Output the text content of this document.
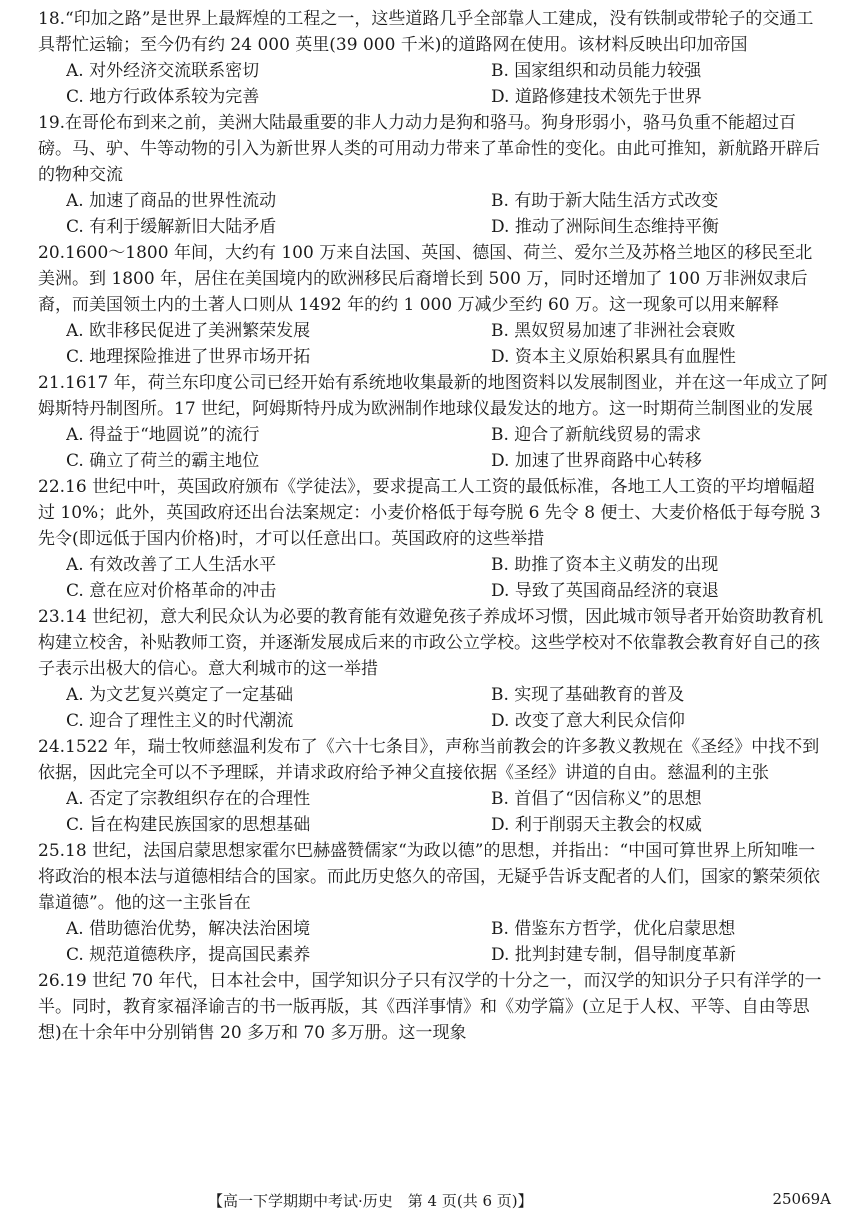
18.“印加之路”是世界上最辉煌的工程之一，这些道路几乎全部靠人工建成，没有铁制或带轮子的交通工具帮忙运输；至今仍有约 24 000 英里(39 000 千米)的道路网在使用。该材料反映出印加帝国

A. 对外经济交流联系密切	B. 国家组织和动员能力较强
C. 地方行政体系较为完善	D. 道路修建技术领先于世界

19.在哥伦布到来之前，美洲大陆最重要的非人力动力是狗和骆马。狗身形弱小，骆马负重不能超过百磅。马、驴、牛等动物的引入为新世界人类的可用动力带来了革命性的变化。由此可推知，新航路开辟后的物种交流

A. 加速了商品的世界性流动	B. 有助于新大陆生活方式改变
C. 有利于缓解新旧大陆矛盾	D. 推动了洲际间生态维持平衡

20.1600～1800 年间，大约有 100 万来自法国、英国、德国、荷兰、爱尔兰及苏格兰地区的移民至北美洲。到 1800 年，居住在美国境内的欧洲移民后裔增长到 500 万，同时还增加了 100 万非洲奴隶后裔，而美国领土内的土著人口则从 1492 年的约 1 000 万减少至约 60 万。这一现象可以用来解释

A. 欧非移民促进了美洲繁荣发展	B. 黑奴贸易加速了非洲社会衰败
C. 地理探险推进了世界市场开拓	D. 资本主义原始积累具有血腥性

21.1617 年，荷兰东印度公司已经开始有系统地收集最新的地图资料以发展制图业，并在这一年成立了阿姆斯特丹制图所。17 世纪，阿姆斯特丹成为欧洲制作地球仪最发达的地方。这一时期荷兰制图业的发展

A. 得益于“地圆说”的流行	B. 迎合了新航线贸易的需求
C. 确立了荷兰的霸主地位	D. 加速了世界商路中心转移

22.16 世纪中叶，英国政府颁布《学徒法》，要求提高工人工资的最低标准，各地工人工资的平均增幅超过 10%；此外，英国政府还出台法案规定：小麦价格低于每夸脱 6 先令 8 便士、大麦价格低于每夸脱 3 先令(即远低于国内价格)时，才可以任意出口。英国政府的这些举措

A. 有效改善了工人生活水平	B. 助推了资本主义萌发的出现
C. 意在应对价格革命的冲击	D. 导致了英国商品经济的衰退

23.14 世纪初，意大利民众认为必要的教育能有效避免孩子养成坏习惯，因此城市领导者开始资助教育机构建立校舍，补贴教师工资，并逐渐发展成后来的市政公立学校。这些学校对不依靠教会教育好自己的孩子表示出极大的信心。意大利城市的这一举措

A. 为文艺复兴奠定了一定基础	B. 实现了基础教育的普及
C. 迎合了理性主义的时代潮流	D. 改变了意大利民众信仰

24.1522 年，瑞士牧师慈温利发布了《六十七条目》，声称当前教会的许多教义教规在《圣经》中找不到依据，因此完全可以不予理睬，并请求政府给予神父直接依据《圣经》讲道的自由。慈温利的主张

A. 否定了宗教组织存在的合理性	B. 首倡了“因信称义”的思想
C. 旨在构建民族国家的思想基础	D. 利于削弱天主教会的权威

25.18 世纪，法国启蒙思想家霍尔巴赫盛赞儒家“为政以德”的思想，并指出：“中国可算世界上所知唯一将政治的根本法与道德相结合的国家。而此历史悠久的帝国，无疑乎告诉支配者的人们，国家的繁荣须依靠道德”。他的这一主张旨在

A. 借助德治优势，解决法治困境	B. 借鉴东方哲学，优化启蒙思想
C. 规范道德秩序，提高国民素养	D. 批判封建专制，倡导制度革新

26.19 世纪 70 年代，日本社会中，国学知识分子只有汉学的十分之一，而汉学的知识分子只有洋学的一半。同时，教育家福泽谕吉的书一版再版，其《西洋事情》和《劝学篇》(立足于人权、平等、自由等思想)在十余年中分别销售 20 多万和 70 多万册。这一现象

【高一下学期期中考试·历史　第 4 页(共 6 页)】	25069A
